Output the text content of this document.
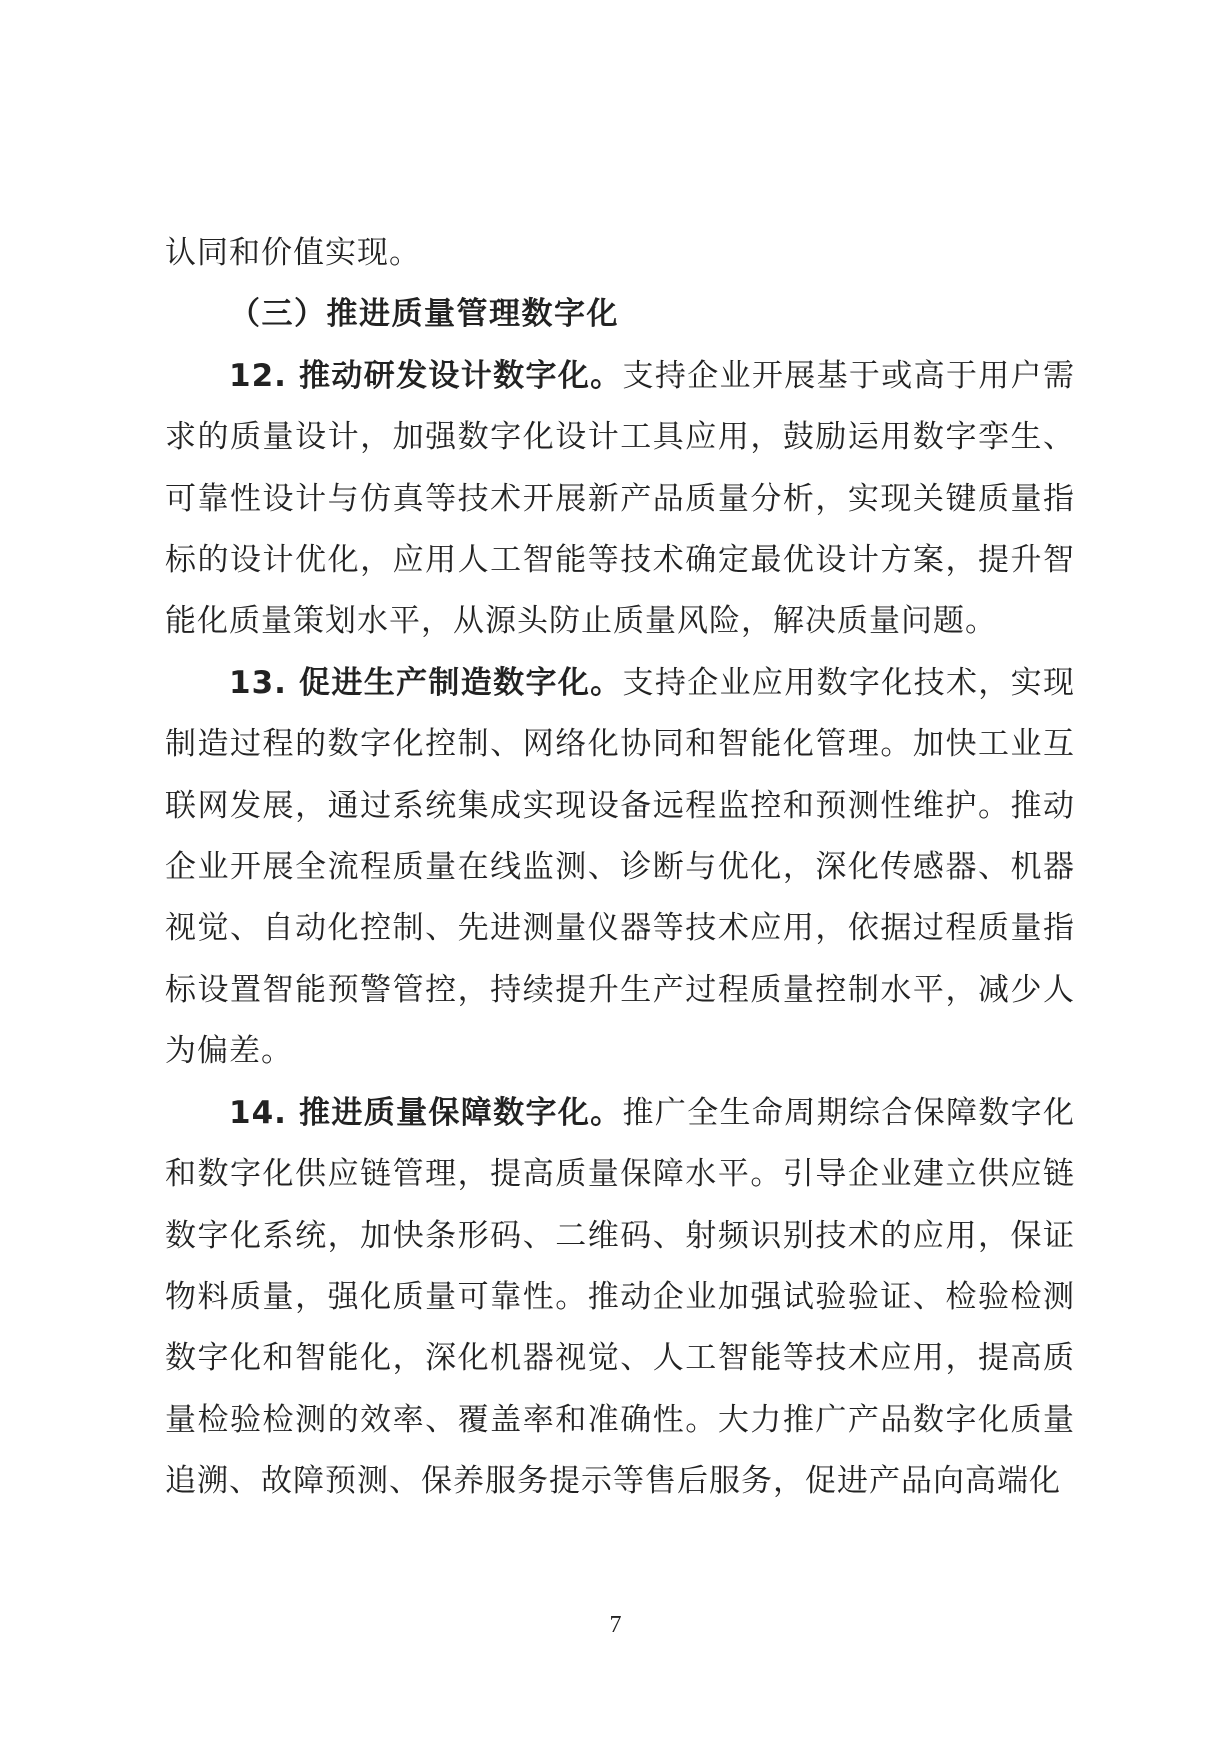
认同和价值实现。

（三）推进质量管理数字化

12. 推动研发设计数字化。支持企业开展基于或高于用户需求的质量设计，加强数字化设计工具应用，鼓励运用数字孪生、可靠性设计与仿真等技术开展新产品质量分析，实现关键质量指标的设计优化，应用人工智能等技术确定最优设计方案，提升智能化质量策划水平，从源头防止质量风险，解决质量问题。

13. 促进生产制造数字化。支持企业应用数字化技术，实现制造过程的数字化控制、网络化协同和智能化管理。加快工业互联网发展，通过系统集成实现设备远程监控和预测性维护。推动企业开展全流程质量在线监测、诊断与优化，深化传感器、机器视觉、自动化控制、先进测量仪器等技术应用，依据过程质量指标设置智能预警管控，持续提升生产过程质量控制水平，减少人为偏差。

14. 推进质量保障数字化。推广全生命周期综合保障数字化和数字化供应链管理，提高质量保障水平。引导企业建立供应链数字化系统，加快条形码、二维码、射频识别技术的应用，保证物料质量，强化质量可靠性。推动企业加强试验验证、检验检测数字化和智能化，深化机器视觉、人工智能等技术应用，提高质量检验检测的效率、覆盖率和准确性。大力推广产品数字化质量追溯、故障预测、保养服务提示等售后服务，促进产品向高端化

7
